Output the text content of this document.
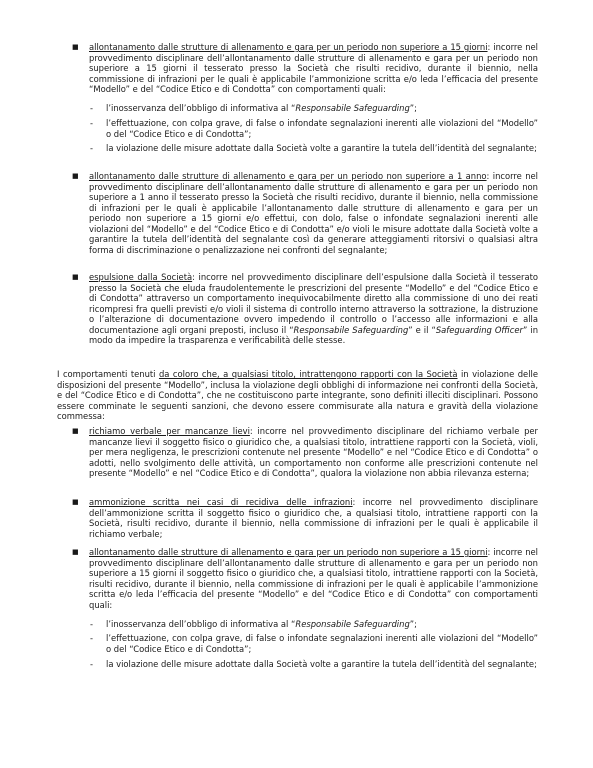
■ allontanamento dalle strutture di allenamento e gara per un periodo non superiore a 15 giorni: incorre nel provvedimento disciplinare dell’allontanamento dalle strutture di allenamento e gara per un periodo non superiore a 15 giorni il tesserato presso la Società che risulti recidivo, durante il biennio, nella commissione di infrazioni per le quali è applicabile l’ammonizione scritta e/o leda l’efficacia del presente “Modello” e del “Codice Etico e di Condotta” con comportamenti quali:

-	l’inosservanza dell’obbligo di informativa al “Responsabile Safeguarding”;

-	l’effettuazione, con colpa grave, di false o infondate segnalazioni inerenti alle violazioni del “Modello” o del “Codice Etico e di Condotta”;

-	la violazione delle misure adottate dalla Società volte a garantire la tutela dell’identità del segnalante;

■ allontanamento dalle strutture di allenamento e gara per un periodo non superiore a 1 anno: incorre nel provvedimento disciplinare dell’allontanamento dalle strutture di allenamento e gara per un periodo non superiore a 1 anno il tesserato presso la Società che risulti recidivo, durante il biennio, nella commissione di infrazioni per le quali è applicabile l’allontanamento dalle strutture di allenamento e gara per un periodo non superiore a 15 giorni e/o effettui, con dolo, false o infondate segnalazioni inerenti alle violazioni del “Modello” e del “Codice Etico e di Condotta” e/o violi le misure adottate dalla Società volte a garantire la tutela dell’identità del segnalante così da generare atteggiamenti ritorsivi o qualsiasi altra forma di discriminazione o penalizzazione nei confronti del segnalante;

■ espulsione dalla Società: incorre nel provvedimento disciplinare dell’espulsione dalla Società il tesserato presso la Società che eluda fraudolentemente le prescrizioni del presente “Modello” e del “Codice Etico e di Condotta” attraverso un comportamento inequivocabilmente diretto alla commissione di uno dei reati ricompresi fra quelli previsti e/o violi il sistema di controllo interno attraverso la sottrazione, la distruzione o l’alterazione di documentazione ovvero impedendo il controllo o l’accesso alle informazioni e alla documentazione agli organi preposti, incluso il “Responsabile Safeguarding” e il “Safeguarding Officer” in modo da impedire la trasparenza e verificabilità delle stesse.

I comportamenti tenuti da coloro che, a qualsiasi titolo, intrattengono rapporti con la Società in violazione delle disposizioni del presente “Modello”, inclusa la violazione degli obblighi di informazione nei confronti della Società, e del “Codice Etico e di Condotta”, che ne costituiscono parte integrante, sono definiti illeciti disciplinari. Possono essere comminate le seguenti sanzioni, che devono essere commisurate alla natura e gravità della violazione commessa:

■ richiamo verbale per mancanze lievi: incorre nel provvedimento disciplinare del richiamo verbale per mancanze lievi il soggetto fisico o giuridico che, a qualsiasi titolo, intrattiene rapporti con la Società, violi, per mera negligenza, le prescrizioni contenute nel presente “Modello” e nel “Codice Etico e di Condotta” o adotti, nello svolgimento delle attività, un comportamento non conforme alle prescrizioni contenute nel presente “Modello” e nel “Codice Etico e di Condotta”, qualora la violazione non abbia rilevanza esterna;

■ ammonizione scritta nei casi di recidiva delle infrazioni: incorre nel provvedimento disciplinare dell’ammonizione scritta il soggetto fisico o giuridico che, a qualsiasi titolo, intrattiene rapporti con la Società, risulti recidivo, durante il biennio, nella commissione di infrazioni per le quali è applicabile il richiamo verbale;

■ allontanamento dalle strutture di allenamento e gara per un periodo non superiore a 15 giorni: incorre nel provvedimento disciplinare dell’allontanamento dalle strutture di allenamento e gara per un periodo non superiore a 15 giorni il soggetto fisico o giuridico che, a qualsiasi titolo, intrattiene rapporti con la Società, risulti recidivo, durante il biennio, nella commissione di infrazioni per le quali è applicabile l’ammonizione scritta e/o leda l’efficacia del presente “Modello” e del “Codice Etico e di Condotta” con comportamenti quali:

-	l’inosservanza dell’obbligo di informativa al “Responsabile Safeguarding”;

-	l’effettuazione, con colpa grave, di false o infondate segnalazioni inerenti alle violazioni del “Modello” o del “Codice Etico e di Condotta”;

-	la violazione delle misure adottate dalla Società volte a garantire la tutela dell’identità del segnalante;
